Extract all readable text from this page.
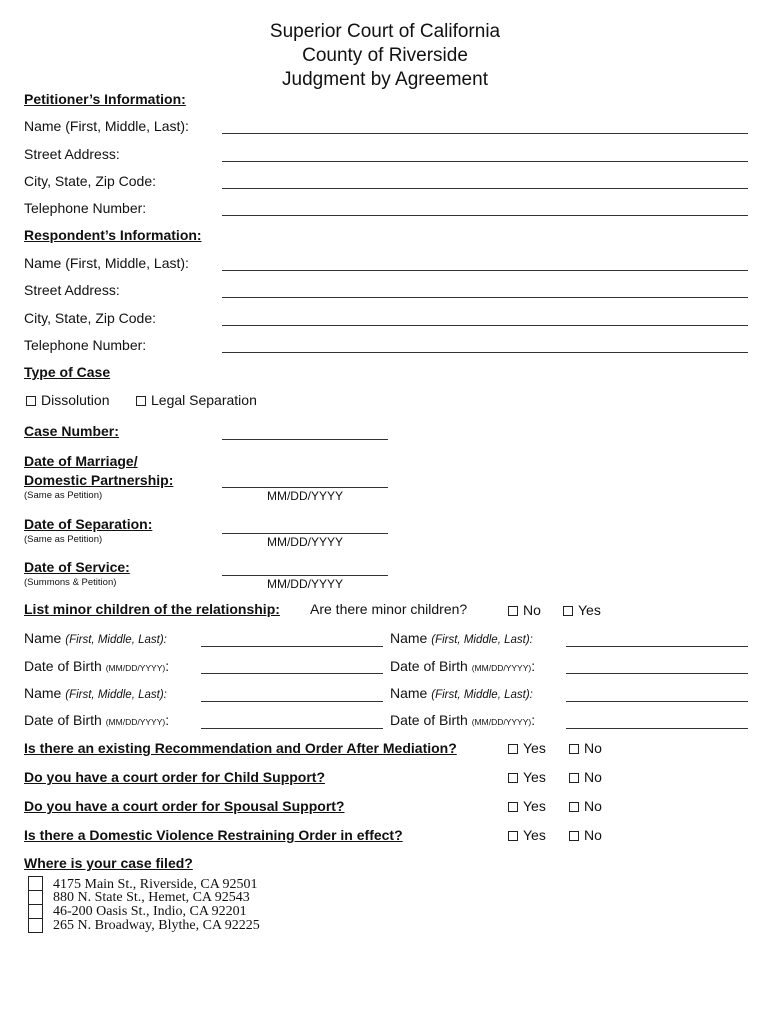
Superior Court of California
County of Riverside
Judgment by Agreement
Petitioner’s Information:
Name (First, Middle, Last):
Street Address:
City, State, Zip Code:
Telephone Number:
Respondent’s Information:
Name (First, Middle, Last):
Street Address:
City, State, Zip Code:
Telephone Number:
Type of Case
Dissolution	Legal Separation
Case Number:
Date of Marriage/
Domestic Partnership:
(Same as Petition)	MM/DD/YYYY
Date of Separation:
(Same as Petition)	MM/DD/YYYY
Date of Service:
(Summons & Petition)	MM/DD/YYYY
List minor children of the relationship: Are there minor children?	No	Yes
Name (First, Middle, Last):	Name (First, Middle, Last):
Date of Birth (MM/DD/YYYY):	Date of Birth (MM/DD/YYYY):
Name (First, Middle, Last):	Name (First, Middle, Last):
Date of Birth (MM/DD/YYYY):	Date of Birth (MM/DD/YYYY):
Is there an existing Recommendation and Order After Mediation?	Yes	No
Do you have a court order for Child Support?	Yes	No
Do you have a court order for Spousal Support?	Yes	No
Is there a Domestic Violence Restraining Order in effect?	Yes	No
Where is your case filed?
4175 Main St., Riverside, CA 92501
880 N. State St., Hemet, CA 92543
46-200 Oasis St., Indio, CA 92201
265 N. Broadway, Blythe, CA 92225
